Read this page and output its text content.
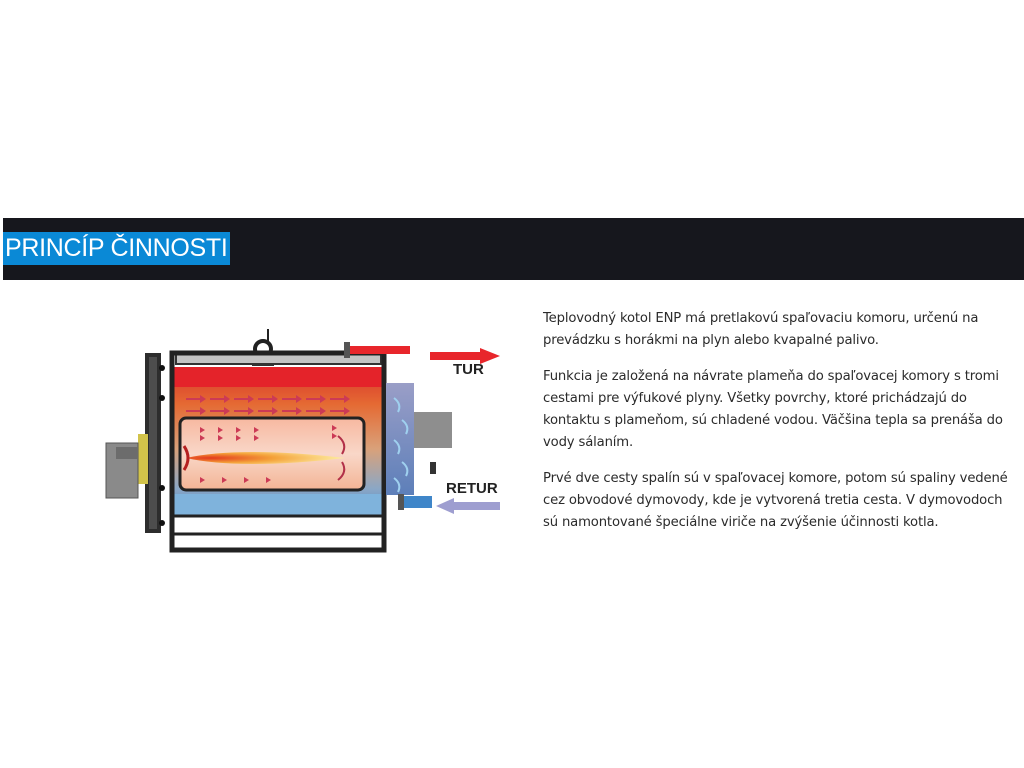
PRINCÍP ČINNOSTI
TUR
RETUR

Teplovodný kotol ENP má pretlakovú spaľovaciu komoru, určenú na prevádzku s horákmi na plyn alebo kvapalné palivo.

Funkcia je založená na návrate plameňa do spaľovacej komory s tromi cestami pre výfukové plyny. Všetky povrchy, ktoré prichádzajú do kontaktu s plameňom, sú chladené vodou. Väčšina tepla sa prenáša do vody sálaním.

Prvé dve cesty spalín sú v spaľovacej komore, potom sú spaliny vedené cez obvodové dymovody, kde je vytvorená tretia cesta. V dymovodoch sú namontované špeciálne viriče na zvýšenie účinnosti kotla.
